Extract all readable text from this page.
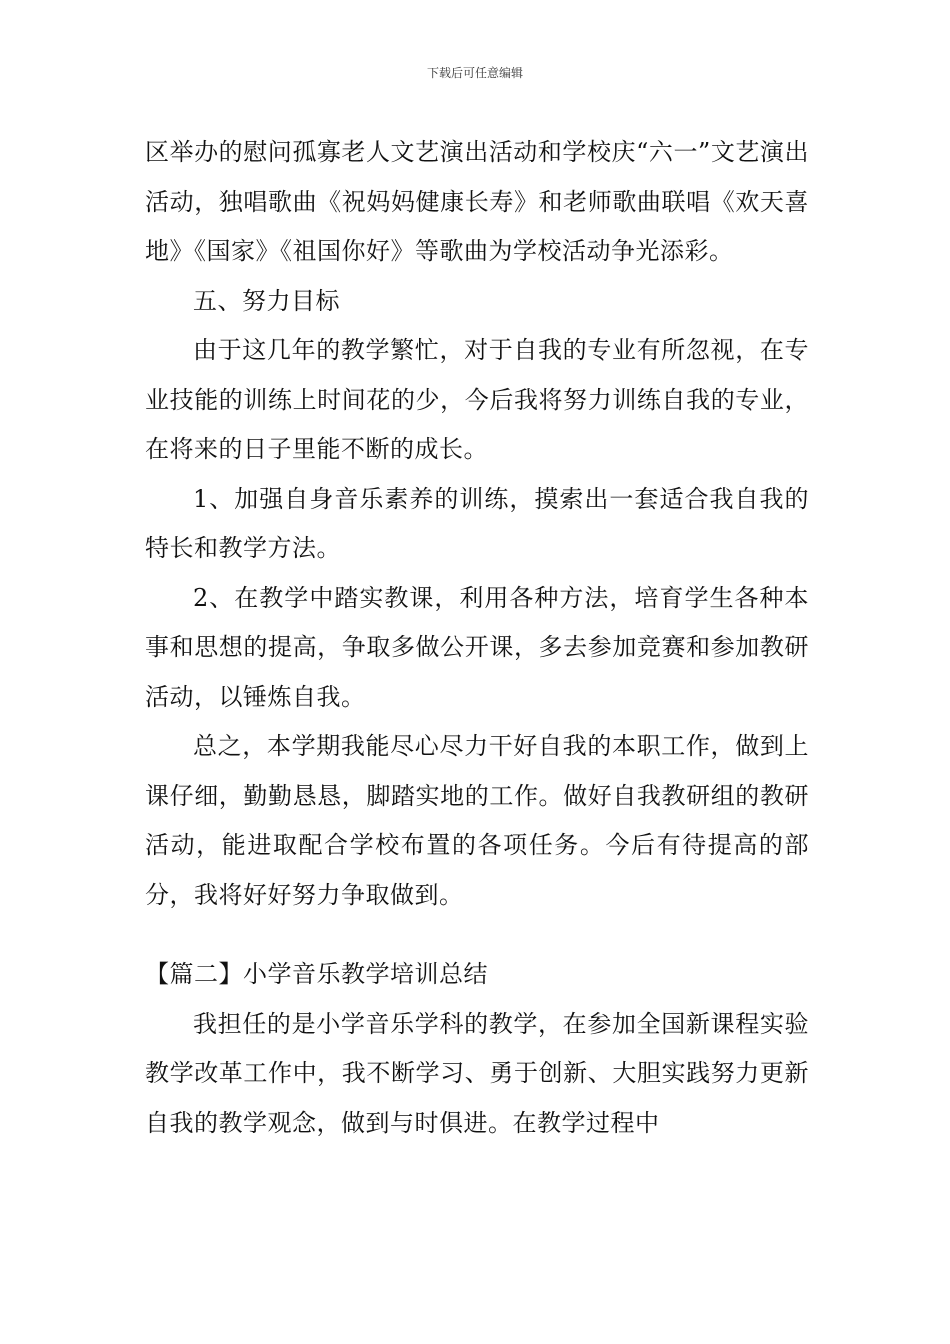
下载后可任意编辑

区举办的慰问孤寡老人文艺演出活动和学校庆“六一”文艺演出活动，独唱歌曲《祝妈妈健康长寿》和老师歌曲联唱《欢天喜地》《国家》《祖国你好》等歌曲为学校活动争光添彩。

五、努力目标

由于这几年的教学繁忙，对于自我的专业有所忽视，在专业技能的训练上时间花的少，今后我将努力训练自我的专业，在将来的日子里能不断的成长。

1、加强自身音乐素养的训练，摸索出一套适合我自我的特长和教学方法。

2、在教学中踏实教课，利用各种方法，培育学生各种本事和思想的提高，争取多做公开课，多去参加竞赛和参加教研活动，以锤炼自我。

总之，本学期我能尽心尽力干好自我的本职工作，做到上课仔细，勤勤恳恳，脚踏实地的工作。做好自我教研组的教研活动，能进取配合学校布置的各项任务。今后有待提高的部分，我将好好努力争取做到。

【篇二】小学音乐教学培训总结

我担任的是小学音乐学科的教学，在参加全国新课程实验教学改革工作中，我不断学习、勇于创新、大胆实践努力更新自我的教学观念，做到与时俱进。在教学过程中
